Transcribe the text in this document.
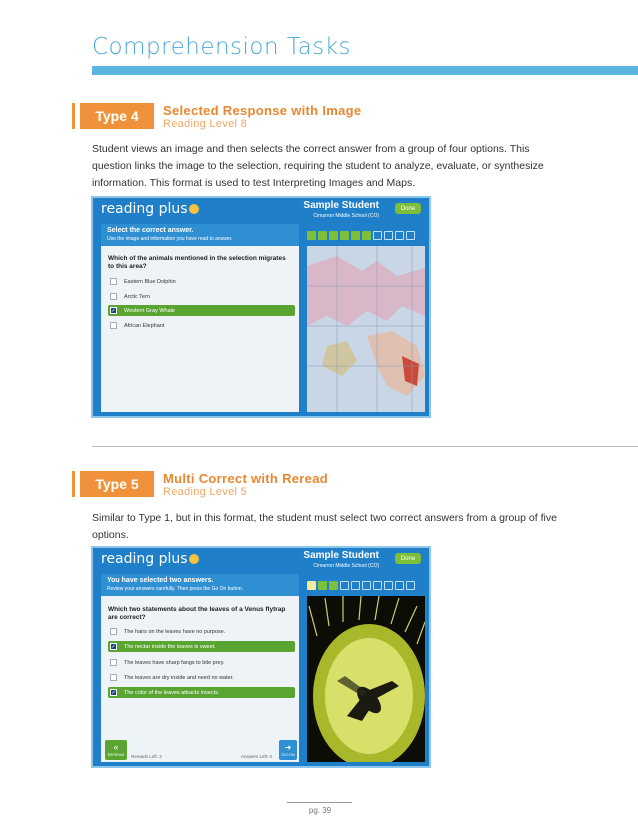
Comprehension Tasks
Type 4	Selected Response with Image
Reading Level 8
Student views an image and then selects the correct answer from a group of four options. This question links the image to the selection, requiring the student to analyze, evaluate, or synthesize information. This format is used to test Interpreting Images and Maps.
reading plus	Sample Student
Cimarron Middle School (CO)
Done
Select the correct answer.
Use the image and information you have read to answer.
Which of the animals mentioned in the selection migrates to this area?
Eastern Blue Dolphin
Arctic Tern
✓ Western Gray Whale
African Elephant
Type 5	Multi Correct with Reread
Reading Level 5
Similar to Type 1, but in this format, the student must select two correct answers from a group of five options.
reading plus	Sample Student
Cimarron Middle School (CO)
Done
You have selected two answers.
Review your answers carefully. Then press the Go On button.
Which two statements about the leaves of a Venus flytrap are correct?
The hairs on the leaves have no purpose.
✓ The nectar inside the leaves is sweet.
The leaves have sharp fangs to bite prey.
The leaves are dry inside and need no water.
✓ The color of the leaves attracts insects.
«
REREAD Rereads Left: 2	Answers Left: 0
➜
GO ON
pg. 39
